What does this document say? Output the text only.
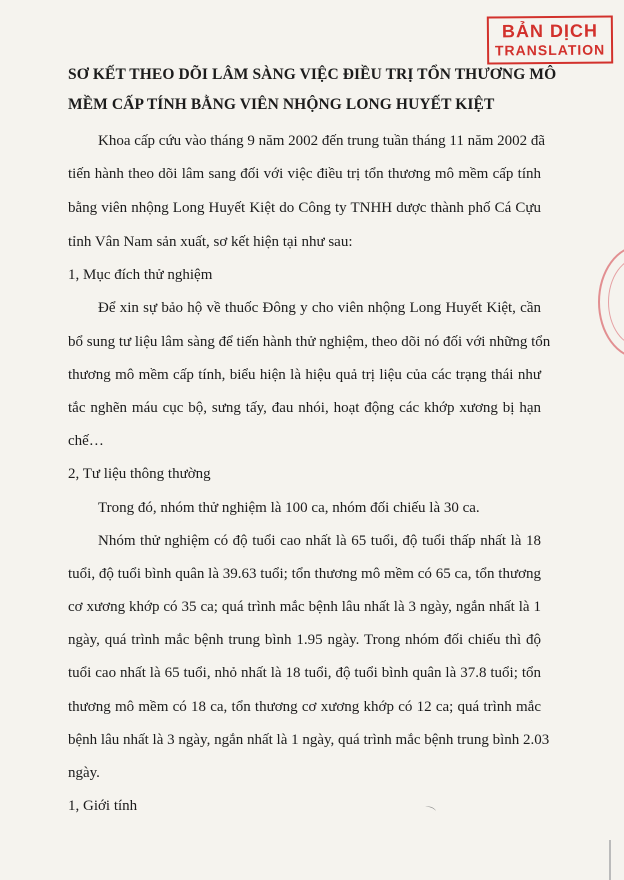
BẢN DỊCH
TRANSLATION
SƠ KẾT THEO DÕI LÂM SÀNG VIỆC ĐIỀU TRỊ TỔN THƯƠNG MÔ
MỀM CẤP TÍNH BẰNG VIÊN NHỘNG LONG HUYẾT KIỆT
Khoa cấp cứu vào tháng 9 năm 2002 đến trung tuần tháng 11 năm 2002 đã
tiến hành theo dõi lâm sang đối với việc điều trị tổn thương mô mềm cấp tính
bằng viên nhộng Long Huyết Kiệt do Công ty TNHH dược thành phố Cá Cựu
tỉnh Vân Nam sản xuất, sơ kết hiện tại như sau:
1, Mục đích thử nghiệm
Để xin sự bảo hộ về thuốc Đông y cho viên nhộng Long Huyết Kiệt, cần
bổ sung tư liệu lâm sàng để tiến hành thử nghiệm, theo dõi nó đối với những tổn
thương mô mềm cấp tính, biểu hiện là hiệu quả trị liệu của các trạng thái như
tắc nghẽn máu cục bộ, sưng tấy, đau nhói, hoạt động các khớp xương bị hạn
chế…
2, Tư liệu thông thường
Trong đó, nhóm thử nghiệm là 100 ca, nhóm đối chiếu là 30 ca.
Nhóm thử nghiệm có độ tuổi cao nhất là 65 tuổi, độ tuổi thấp nhất là 18
tuổi, độ tuổi bình quân là 39.63 tuổi; tổn thương mô mềm có 65 ca, tổn thương
cơ xương khớp có 35 ca; quá trình mắc bệnh lâu nhất là 3 ngày, ngắn nhất là 1
ngày, quá trình mắc bệnh trung bình 1.95 ngày. Trong nhóm đối chiếu thì độ
tuổi cao nhất là 65 tuổi, nhỏ nhất là 18 tuổi, độ tuổi bình quân là 37.8 tuổi; tổn
thương mô mềm có 18 ca, tổn thương cơ xương khớp có 12 ca; quá trình mắc
bệnh lâu nhất là 3 ngày, ngắn nhất là 1 ngày, quá trình mắc bệnh trung bình 2.03
ngày.
1, Giới tính	⌒
